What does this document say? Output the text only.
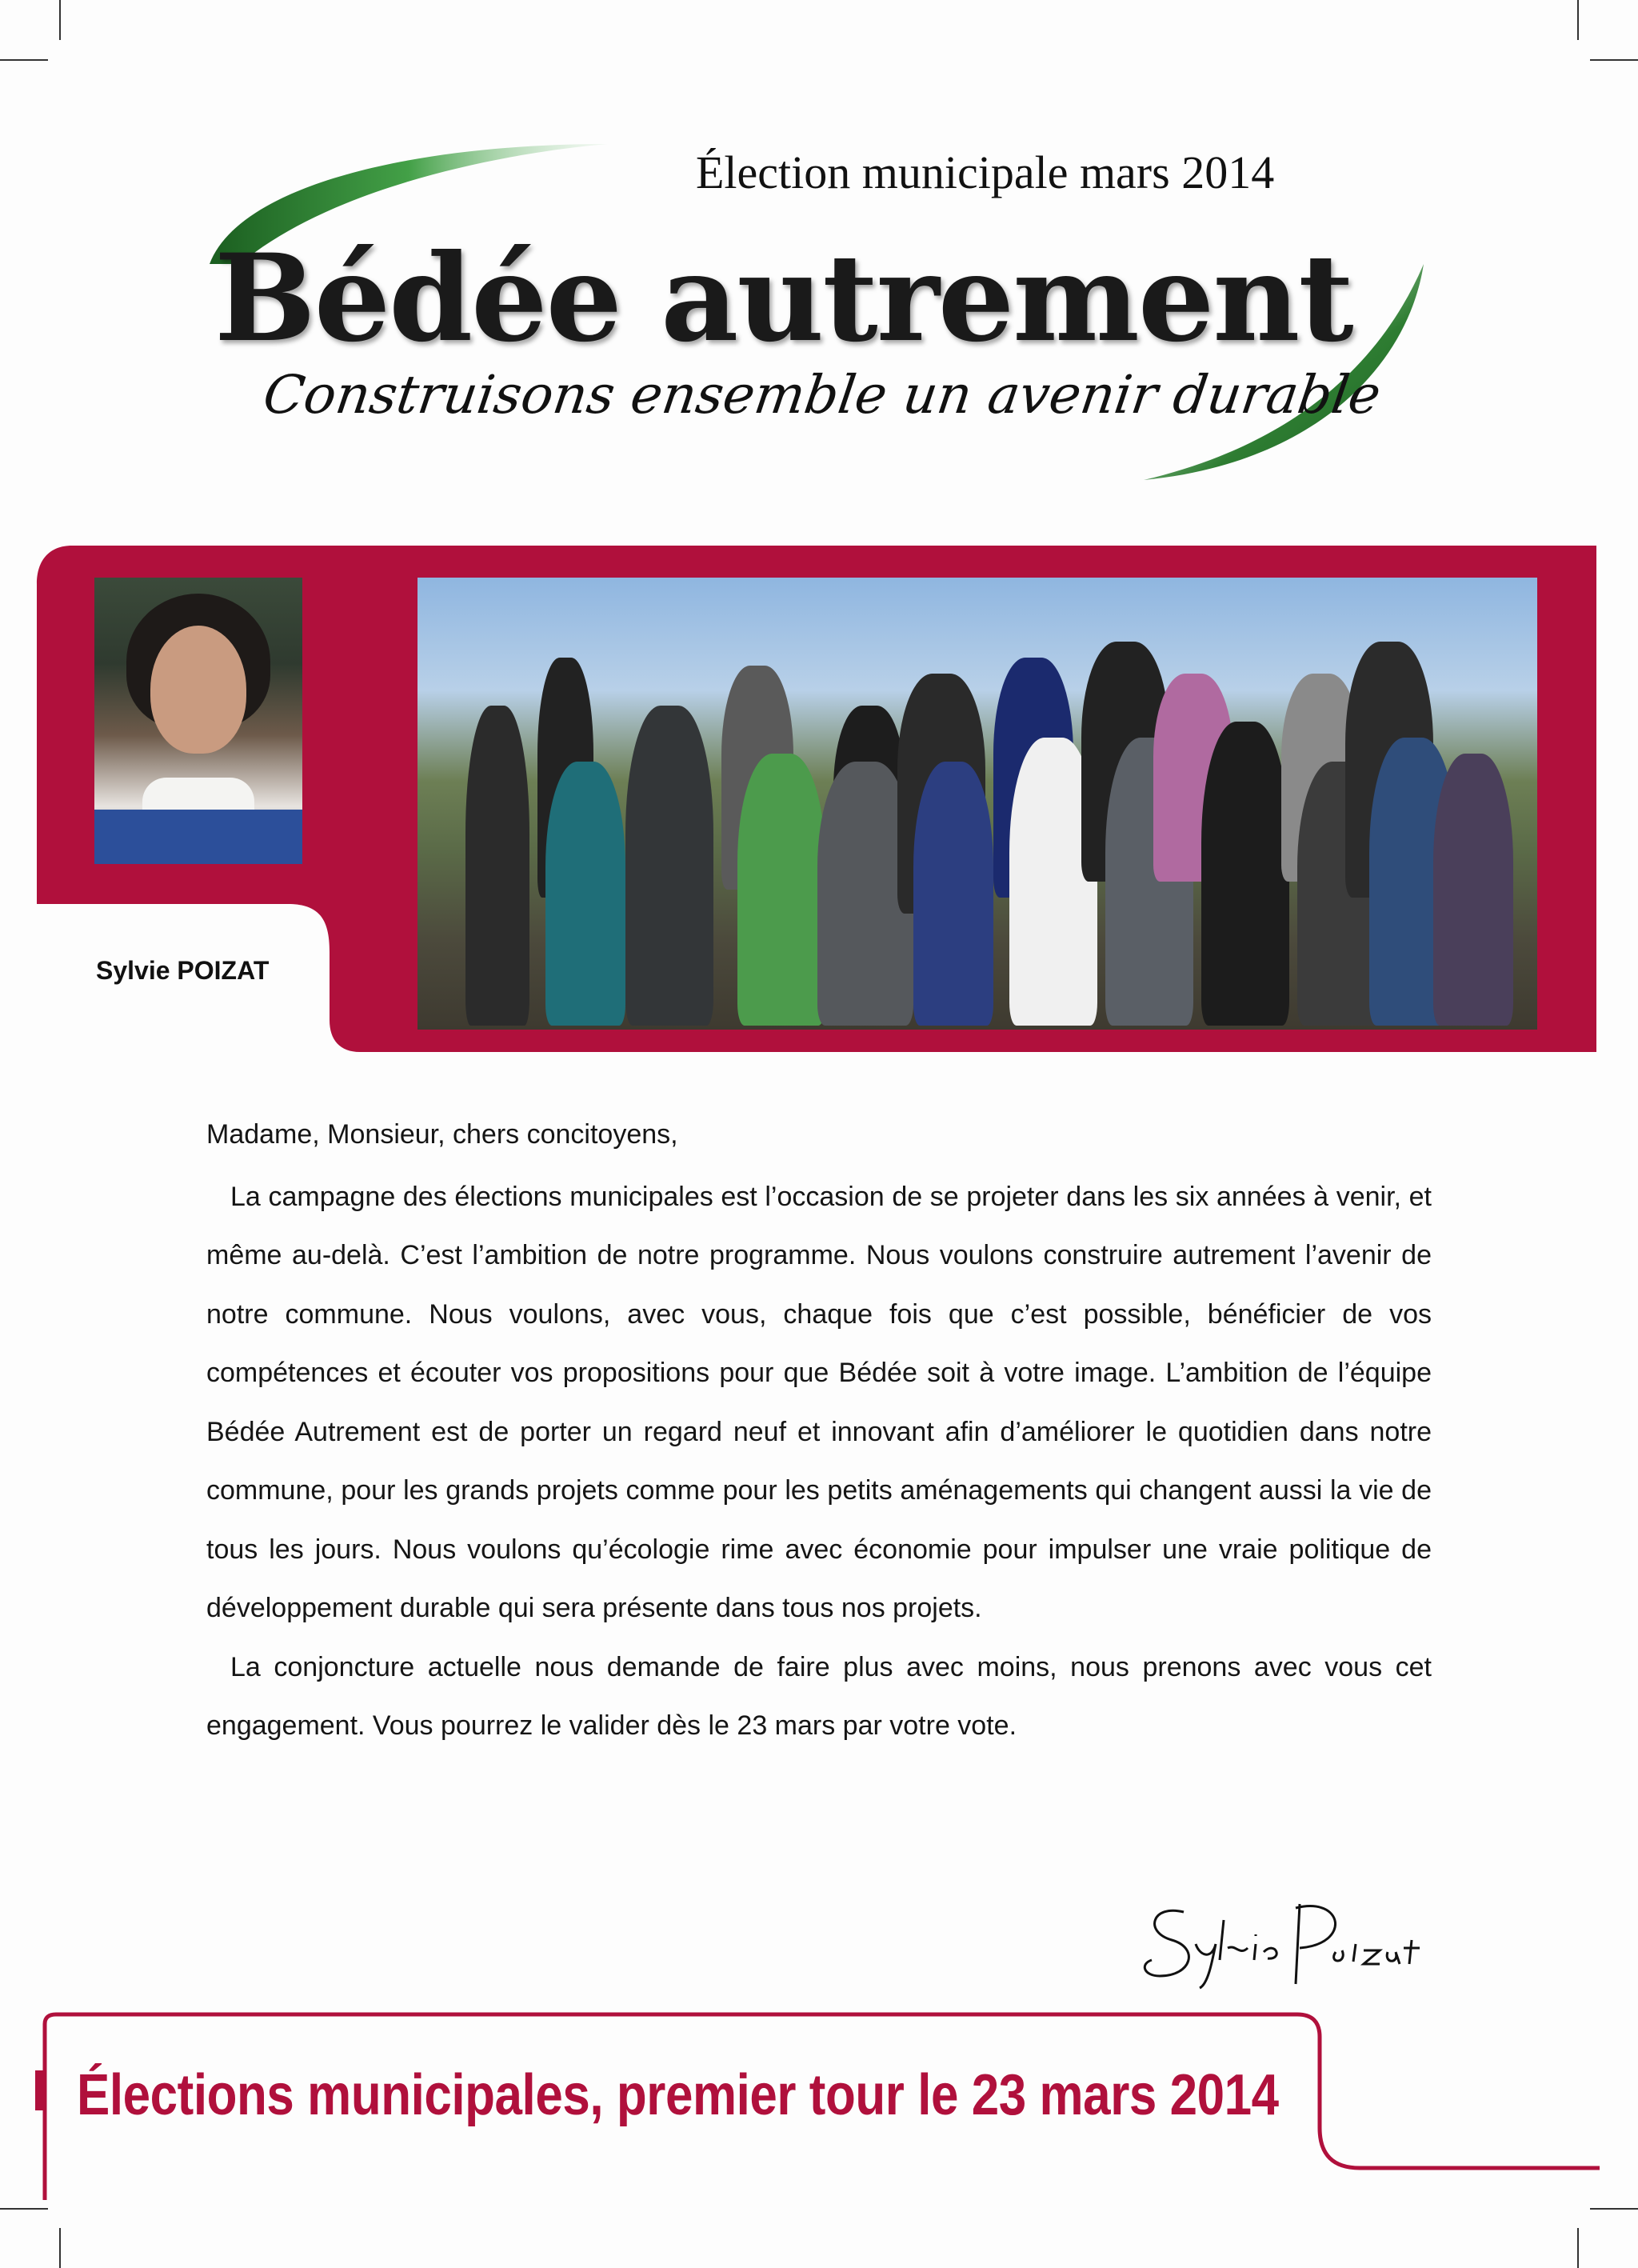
Élection municipale mars 2014
Bédée autrement
Construisons ensemble un avenir durable
Sylvie POIZAT

Madame, Monsieur, chers concitoyens,

La campagne des élections municipales est l’occasion de se projeter dans les six années à venir, et même au-delà. C’est l’ambition de notre programme. Nous voulons construire autrement l’avenir de notre commune. Nous voulons, avec vous, chaque fois que c’est possible, bénéficier de vos compétences et écouter vos propositions pour que Bédée soit à votre image. L’ambition de l’équipe Bédée Autrement est de porter un regard neuf et innovant afin d’améliorer le quotidien dans notre commune, pour les grands projets comme pour les petits aménagements qui changent aussi la vie de tous les jours. Nous voulons qu’écologie rime avec économie pour impulser une vraie politique de développement durable qui sera présente dans tous nos projets.

La conjoncture actuelle nous demande de faire plus avec moins, nous prenons avec vous cet engagement. Vous pourrez le valider dès le 23 mars par votre vote.

Élections municipales, premier tour le 23 mars 2014
